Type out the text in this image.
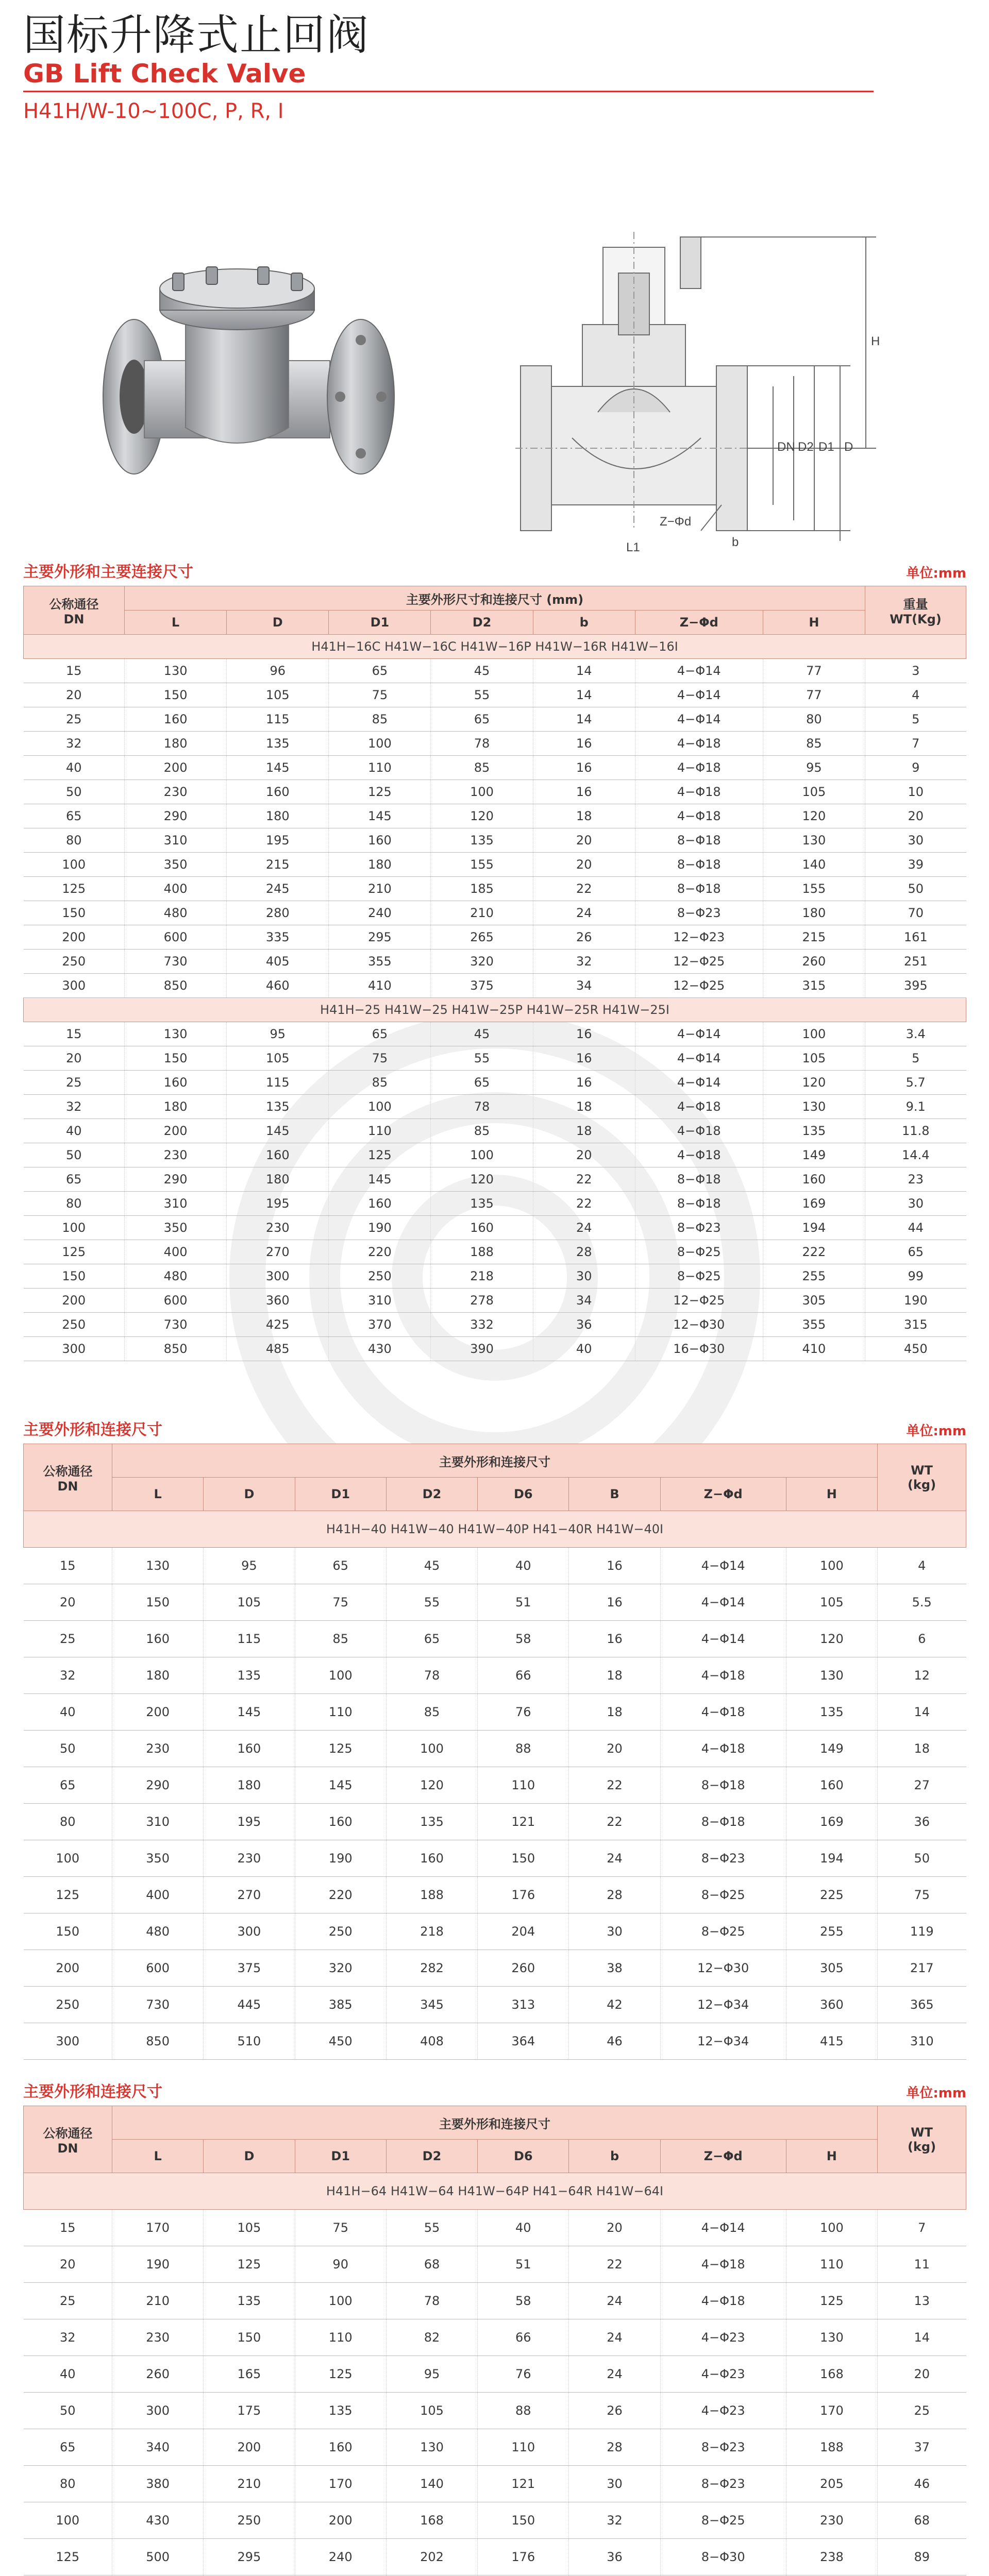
国标升降式止回阀
GB Lift Check Valve
H41H/W-10~100C, P, R, I
H
DN D2 D1 D
L1	b
Z−Φd
主要外形和主要连接尺寸	单位:mm
公称通径
DN	主要外形尺寸和连接尺寸 (mm)							重量
WT(Kg)
	L	D	D1	D2	b	Z−Φd	H	
H41H−16C H41W−16C H41W−16P H41W−16R H41W−16I								
15	130	96	65	45	14	4−Φ14	77	3
20	150	105	75	55	14	4−Φ14	77	4
25	160	115	85	65	14	4−Φ14	80	5
32	180	135	100	78	16	4−Φ18	85	7
40	200	145	110	85	16	4−Φ18	95	9
50	230	160	125	100	16	4−Φ18	105	10
65	290	180	145	120	18	4−Φ18	120	20
80	310	195	160	135	20	8−Φ18	130	30
100	350	215	180	155	20	8−Φ18	140	39
125	400	245	210	185	22	8−Φ18	155	50
150	480	280	240	210	24	8−Φ23	180	70
200	600	335	295	265	26	12−Φ23	215	161
250	730	405	355	320	32	12−Φ25	260	251
300	850	460	410	375	34	12−Φ25	315	395
H41H−25 H41W−25 H41W−25P H41W−25R H41W−25I								
15	130	95	65	45	16	4−Φ14	100	3.4
20	150	105	75	55	16	4−Φ14	105	5
25	160	115	85	65	16	4−Φ14	120	5.7
32	180	135	100	78	18	4−Φ18	130	9.1
40	200	145	110	85	18	4−Φ18	135	11.8
50	230	160	125	100	20	4−Φ18	149	14.4
65	290	180	145	120	22	8−Φ18	160	23
80	310	195	160	135	22	8−Φ18	169	30
100	350	230	190	160	24	8−Φ23	194	44
125	400	270	220	188	28	8−Φ25	222	65
150	480	300	250	218	30	8−Φ25	255	99
200	600	360	310	278	34	12−Φ25	305	190
250	730	425	370	332	36	12−Φ30	355	315
300	850	485	430	390	40	16−Φ30	410	450
主要外形和连接尺寸	单位:mm
公称通径
DN	主要外形和连接尺寸								WT
(kg)
	L	D	D1	D2	D6	B	Z−Φd	H	
H41H−40 H41W−40 H41W−40P H41−40R H41W−40I									
15	130	95	65	45	40	16	4−Φ14	100	4
20	150	105	75	55	51	16	4−Φ14	105	5.5
25	160	115	85	65	58	16	4−Φ14	120	6
32	180	135	100	78	66	18	4−Φ18	130	12
40	200	145	110	85	76	18	4−Φ18	135	14
50	230	160	125	100	88	20	4−Φ18	149	18
65	290	180	145	120	110	22	8−Φ18	160	27
80	310	195	160	135	121	22	8−Φ18	169	36
100	350	230	190	160	150	24	8−Φ23	194	50
125	400	270	220	188	176	28	8−Φ25	225	75
150	480	300	250	218	204	30	8−Φ25	255	119
200	600	375	320	282	260	38	12−Φ30	305	217
250	730	445	385	345	313	42	12−Φ34	360	365
300	850	510	450	408	364	46	12−Φ34	415	310
主要外形和连接尺寸	单位:mm
公称通径
DN	主要外形和连接尺寸								WT
(kg)
	L	D	D1	D2	D6	b	Z−Φd	H	
H41H−64 H41W−64 H41W−64P H41−64R H41W−64I									
15	170	105	75	55	40	20	4−Φ14	100	7
20	190	125	90	68	51	22	4−Φ18	110	11
25	210	135	100	78	58	24	4−Φ18	125	13
32	230	150	110	82	66	24	4−Φ23	130	14
40	260	165	125	95	76	24	4−Φ23	168	20
50	300	175	135	105	88	26	4−Φ23	170	25
65	340	200	160	130	110	28	8−Φ23	188	37
80	380	210	170	140	121	30	8−Φ23	205	46
100	430	250	200	168	150	32	8−Φ25	230	68
125	500	295	240	202	176	36	8−Φ30	238	89
